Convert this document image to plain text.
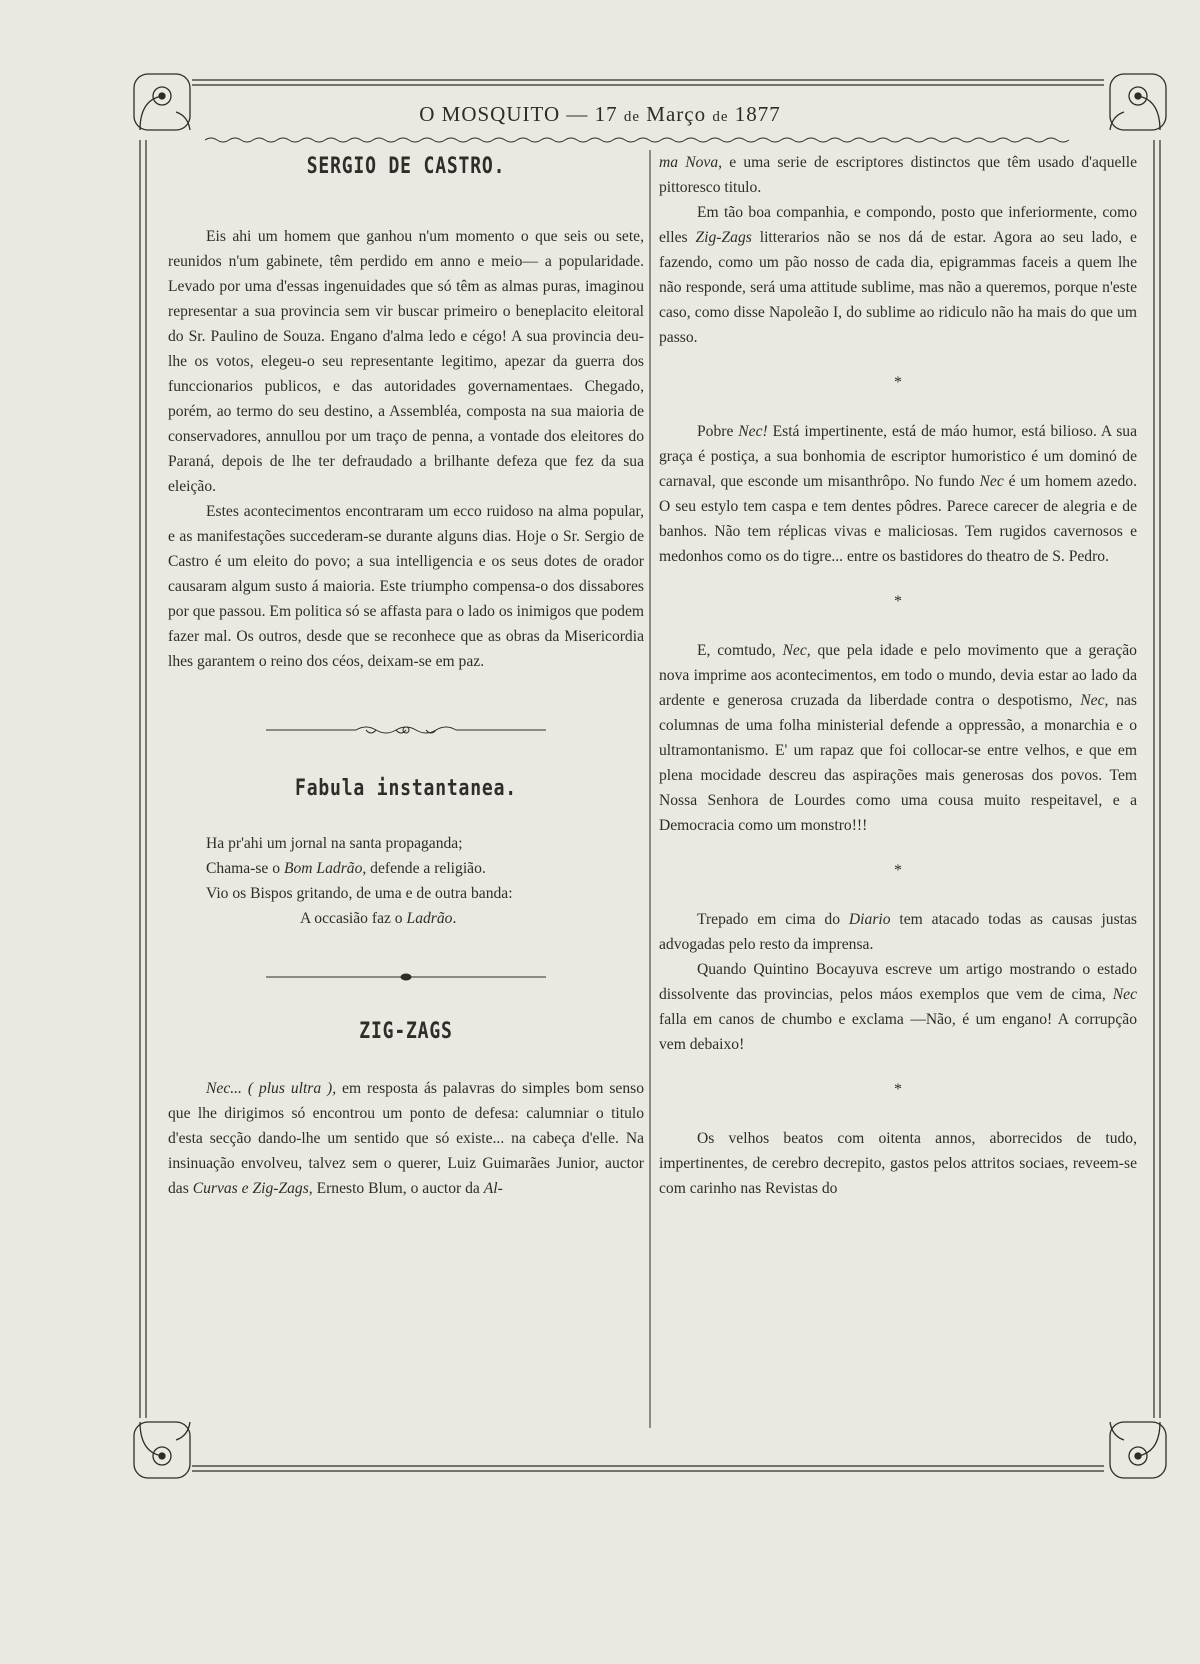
O MOSQUITO — 17 de Março de 1877
SERGIO DE CASTRO.

Eis ahi um homem que ganhou n'um momento o que seis ou sete, reunidos n'um gabinete, têm perdido em anno e meio— a popularidade. Levado por uma d'essas ingenuidades que só têm as almas puras, imaginou representar a sua provincia sem vir buscar primeiro o beneplacito eleitoral do Sr. Paulino de Souza. Engano d'alma ledo e cégo! A sua provincia deu-lhe os votos, elegeu-o seu representante legitimo, apezar da guerra dos funccionarios publicos, e das autoridades governamentaes. Chegado, porém, ao termo do seu destino, a Assembléa, composta na sua maioria de conservadores, annullou por um traço de penna, a vontade dos eleitores do Paraná, depois de lhe ter defraudado a brilhante defeza que fez da sua eleição.

Estes acontecimentos encontraram um ecco ruidoso na alma popular, e as manifestações succederam-se durante alguns dias. Hoje o Sr. Sergio de Castro é um eleito do povo; a sua intelligencia e os seus dotes de orador causaram algum susto á maioria. Este triumpho compensa-o dos dissabores por que passou. Em politica só se affasta para o lado os inimigos que podem fazer mal. Os outros, desde que se reconhece que as obras da Misericordia lhes garantem o reino dos céos, deixam-se em paz.

Fabula instantanea.
Ha pr'ahi um jornal na santa propaganda;
Chama-se o Bom Ladrão, defende a religião.
Vio os Bispos gritando, de uma e de outra banda:
A occasião faz o Ladrão.
ZIG-ZAGS

Nec... ( plus ultra ), em resposta ás palavras do simples bom senso que lhe dirigimos só encontrou um ponto de defesa: calumniar o titulo d'esta secção dando-lhe um sentido que só existe... na cabeça d'elle. Na insinuação envolveu, talvez sem o querer, Luiz Guimarães Junior, auctor das Curvas e Zig-Zags, Ernesto Blum, o auctor da Al-

ma Nova, e uma serie de escriptores distinctos que têm usado d'aquelle pittoresco titulo.

Em tão boa companhia, e compondo, posto que inferiormente, como elles Zig-Zags litterarios não se nos dá de estar. Agora ao seu lado, e fazendo, como um pão nosso de cada dia, epigrammas faceis a quem lhe não responde, será uma attitude sublime, mas não a queremos, porque n'este caso, como disse Napoleão I, do sublime ao ridiculo não ha mais do que um passo.

*

Pobre Nec! Está impertinente, está de máo humor, está bilioso. A sua graça é postiça, a sua bonhomia de escriptor humoristico é um dominó de carnaval, que esconde um misanthrôpo. No fundo Nec é um homem azedo. O seu estylo tem caspa e tem dentes pôdres. Parece carecer de alegria e de banhos. Não tem réplicas vivas e maliciosas. Tem rugidos cavernosos e medonhos como os do tigre... entre os bastidores do theatro de S. Pedro.

*

E, comtudo, Nec, que pela idade e pelo movimento que a geração nova imprime aos acontecimentos, em todo o mundo, devia estar ao lado da ardente e generosa cruzada da liberdade contra o despotismo, Nec, nas columnas de uma folha ministerial defende a oppressão, a monarchia e o ultramontanismo. E' um rapaz que foi collocar-se entre velhos, e que em plena mocidade descreu das aspirações mais generosas dos povos. Tem Nossa Senhora de Lourdes como uma cousa muito respeitavel, e a Democracia como um monstro!!!

*

Trepado em cima do Diario tem atacado todas as causas justas advogadas pelo resto da imprensa.

Quando Quintino Bocayuva escreve um artigo mostrando o estado dissolvente das provincias, pelos máos exemplos que vem de cima, Nec falla em canos de chumbo e exclama —Não, é um engano! A corrupção vem debaixo!

*

Os velhos beatos com oitenta annos, aborrecidos de tudo, impertinentes, de cerebro decrepito, gastos pelos attritos sociaes, reveem-se com carinho nas Revistas do
